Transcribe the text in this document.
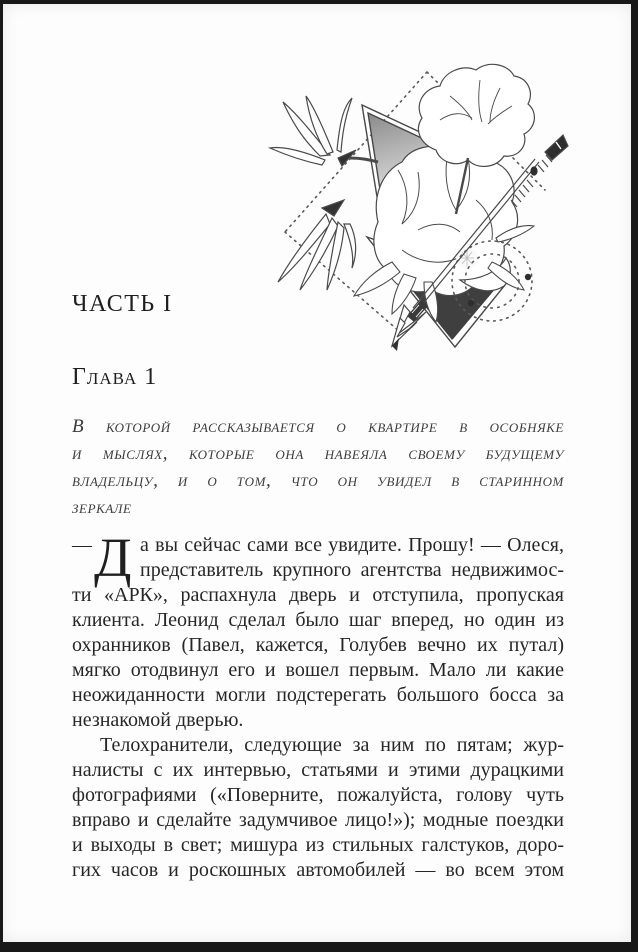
ЧАСТЬ I
Глава 1
В которой рассказывается о квартире в особняке
и мыслях, которые она навеяла своему будущему
владельцу, и о том, что он увидел в старинном
зеркале
— Д а вы сейчас сами все увидите. Прошу! — Олеся,
представитель крупного агентства недвижимос-
ти «АРК», распахнула дверь и отступила, пропуская
клиента. Леонид сделал было шаг вперед, но один из
охранников (Павел, кажется, Голубев вечно их путал)
мягко отодвинул его и вошел первым. Мало ли какие
неожиданности могли подстерегать большого босса за
незнакомой дверью.
Телохранители, следующие за ним по пятам; жур-
налисты с их интервью, статьями и этими дурацкими
фотографиями («Поверните, пожалуйста, голову чуть
вправо и сделайте задумчивое лицо!»); модные поездки
и выходы в свет; мишура из стильных галстуков, доро-
гих часов и роскошных автомобилей — во всем этом
